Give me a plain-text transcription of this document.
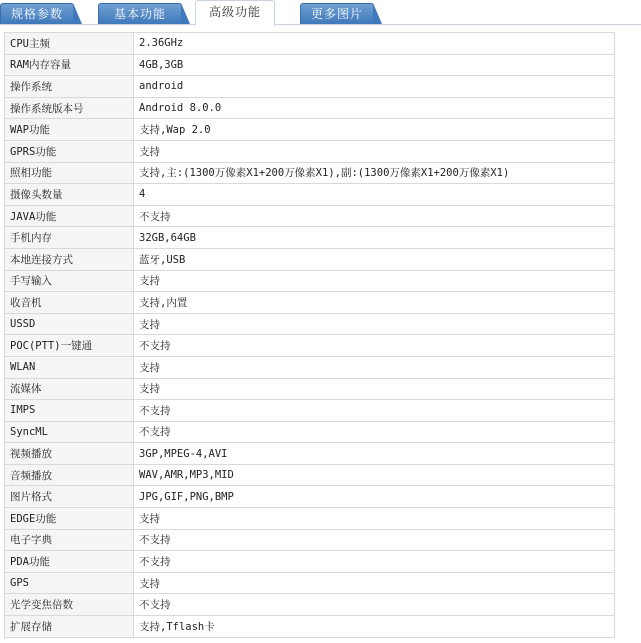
规格参数	基本功能	高级功能	更多图片
CPU主频	2.36GHz
RAM内存容量	4GB,3GB
操作系统	android
操作系统版本号	Android 8.0.0
WAP功能	支持,Wap 2.0
GPRS功能	支持
照相功能	支持,主:(1300万像素X1+200万像素X1),副:(1300万像素X1+200万像素X1)
摄像头数量	4
JAVA功能	不支持
手机内存	32GB,64GB
本地连接方式	蓝牙,USB
手写输入	支持
收音机	支持,内置
USSD	支持
POC(PTT)一键通	不支持
WLAN	支持
流媒体	支持
IMPS	不支持
SyncML	不支持
视频播放	3GP,MPEG-4,AVI
音频播放	WAV,AMR,MP3,MID
图片格式	JPG,GIF,PNG,BMP
EDGE功能	支持
电子字典	不支持
PDA功能	不支持
GPS	支持
光学变焦倍数	不支持
扩展存储	支持,Tflash卡
